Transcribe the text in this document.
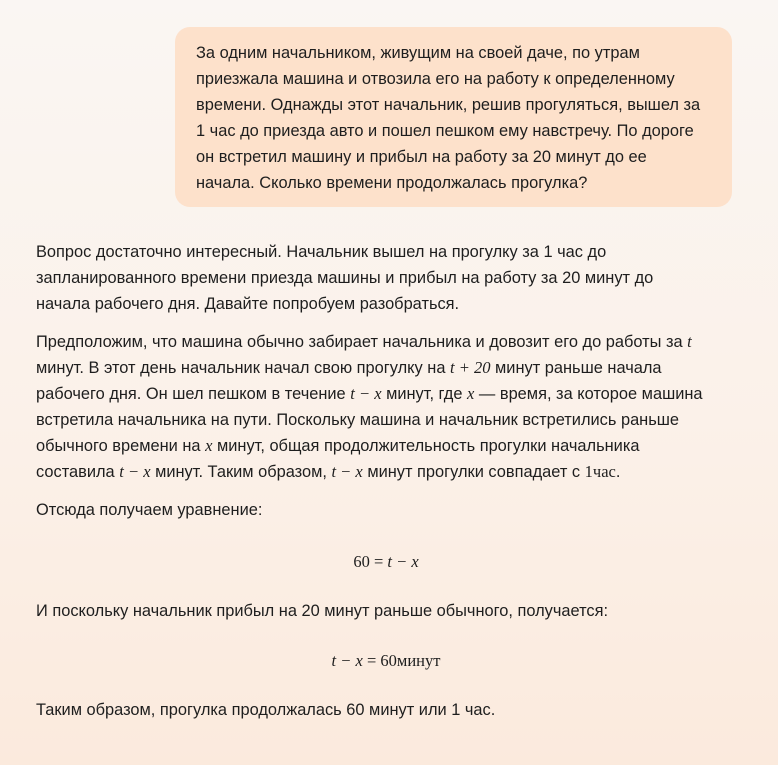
За одним начальником, живущим на своей даче, по утрам
приезжала машина и отвозила его на работу к определенному
времени. Однажды этот начальник, решив прогуляться, вышел за
1 час до приезда авто и пошел пешком ему навстречу. По дороге
он встретил машину и прибыл на работу за 20 минут до ее
начала. Сколько времени продолжалась прогулка?

Вопрос достаточно интересный. Начальник вышел на прогулку за 1 час до
запланированного времени приезда машины и прибыл на работу за 20 минут до
начала рабочего дня. Давайте попробуем разобраться.

Предположим, что машина обычно забирает начальника и довозит его до работы за t
минут. В этот день начальник начал свою прогулку на t + 20 минут раньше начала
рабочего дня. Он шел пешком в течение t − x минут, где x — время, за которое машина
встретила начальника на пути. Поскольку машина и начальник встретились раньше
обычного времени на x минут, общая продолжительность прогулки начальника
составила t − x минут. Таким образом, t − x минут прогулки совпадает с 1час.

Отсюда получаем уравнение:

60 = t − x

И поскольку начальник прибыл на 20 минут раньше обычного, получается:

t − x = 60минут

Таким образом, прогулка продолжалась 60 минут или 1 час.
